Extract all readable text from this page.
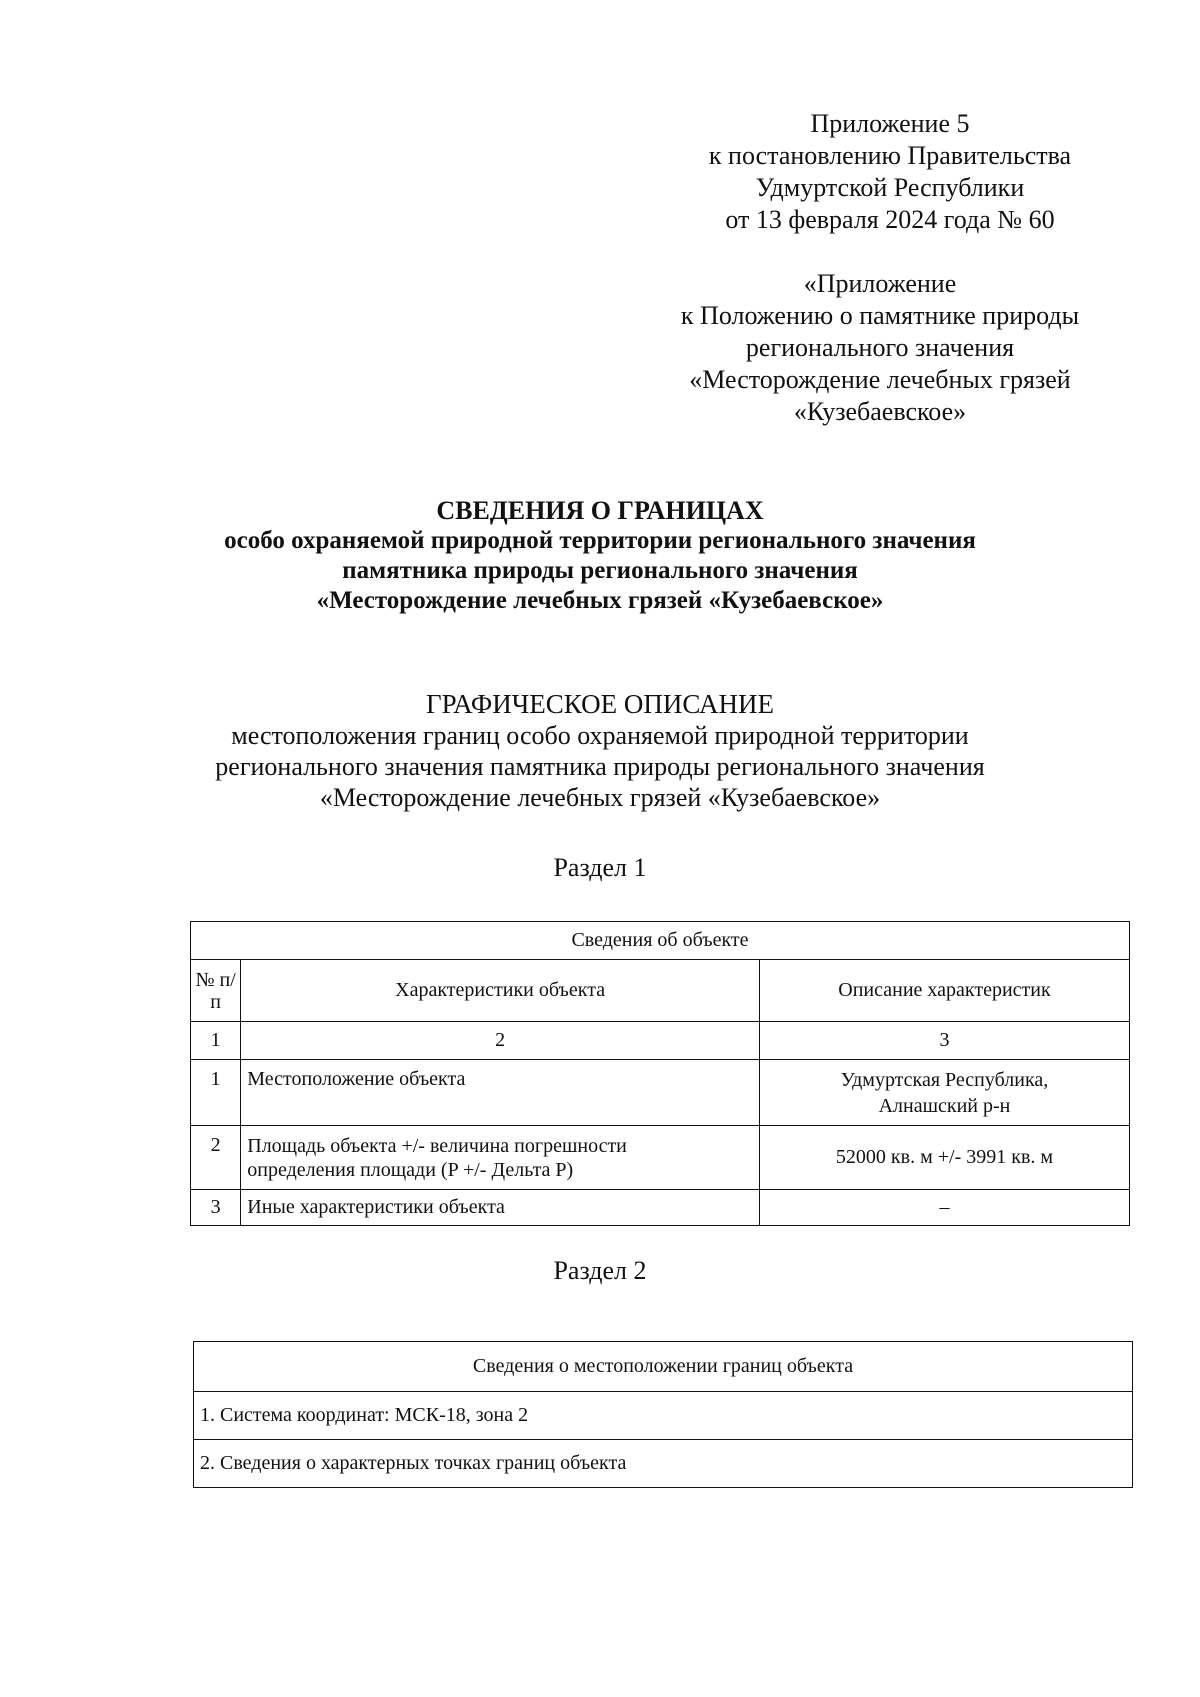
Приложение 5
к постановлению Правительства
Удмуртской Республики
от 13 февраля 2024 года № 60
«Приложение
к Положению о памятнике природы
регионального значения
«Месторождение лечебных грязей
«Кузебаевское»
СВЕДЕНИЯ О ГРАНИЦАХ
особо охраняемой природной территории регионального значения
памятника природы регионального значения
«Месторождение лечебных грязей «Кузебаевское»
ГРАФИЧЕСКОЕ ОПИСАНИЕ
местоположения границ особо охраняемой природной территории
регионального значения памятника природы регионального значения
«Месторождение лечебных грязей «Кузебаевское»
Раздел 1
Сведения об объекте		
№ п/п	Характеристики объекта	Описание характеристик
1	2	3
1	Местоположение объекта	Удмуртская Республика,
Алнашский р-н

2	Площадь объекта +/- величина погрешности
определения площади (P +/- Дельта P)	52000 кв. м +/- 3991 кв. м
3	Иные характеристики объекта	–
Раздел 2
Сведения о местоположении границ объекта
1. Система координат: МСК-18, зона 2
2. Сведения о характерных точках границ объекта
